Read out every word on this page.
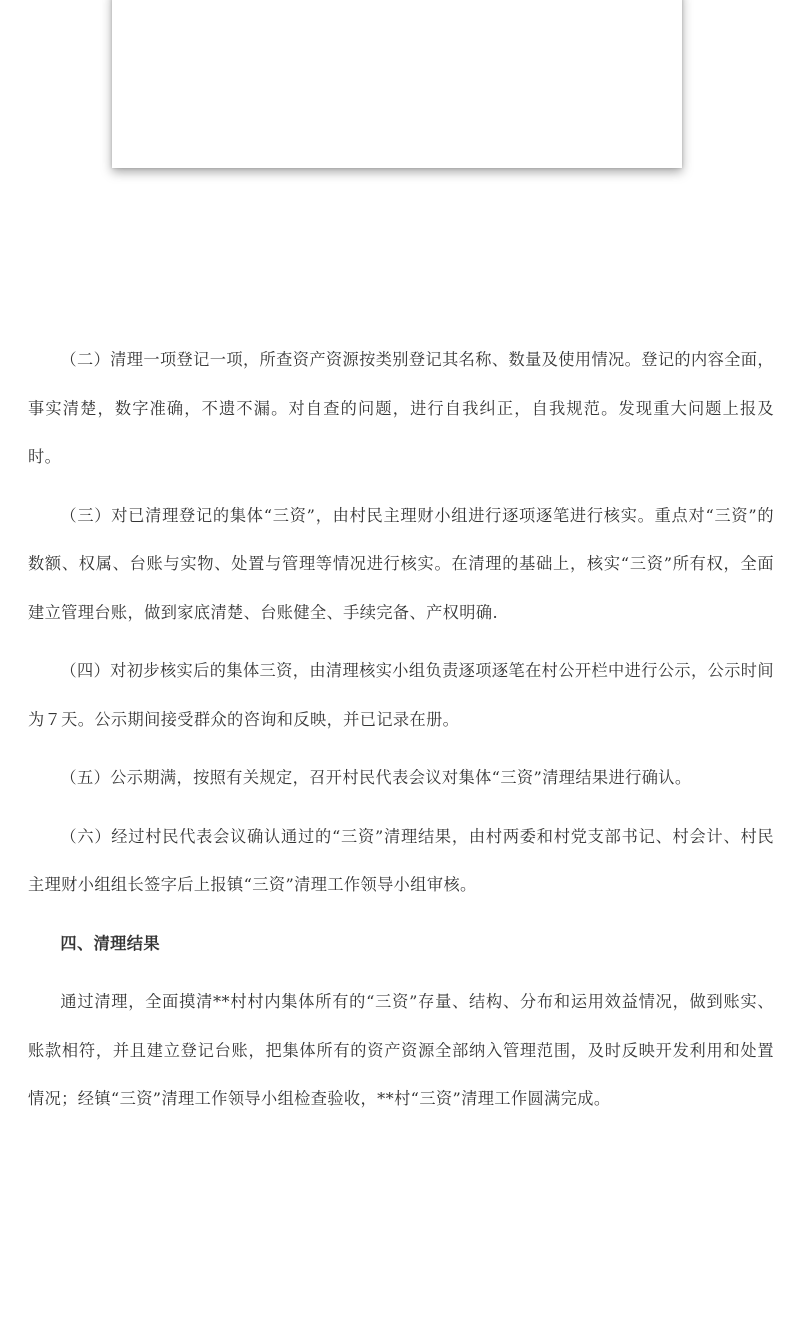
（二）清理一项登记一项，所查资产资源按类别登记其名称、数量及使用情况。登记的内容全面，事实清楚，数字准确，不遗不漏。对自查的问题，进行自我纠正，自我规范。发现重大问题上报及时。

（三）对已清理登记的集体“三资”，由村民主理财小组进行逐项逐笔进行核实。重点对“三资”的数额、权属、台账与实物、处置与管理等情况进行核实。在清理的基础上，核实“三资”所有权，全面建立管理台账，做到家底清楚、台账健全、手续完备、产权明确.

（四）对初步核实后的集体三资，由清理核实小组负责逐项逐笔在村公开栏中进行公示，公示时间为７天。公示期间接受群众的咨询和反映，并已记录在册。

（五）公示期满，按照有关规定，召开村民代表会议对集体“三资”清理结果进行确认。

（六）经过村民代表会议确认通过的“三资”清理结果，由村两委和村党支部书记、村会计、村民主理财小组组长签字后上报镇“三资”清理工作领导小组审核。

四、清理结果

通过清理，全面摸清**村村内集体所有的“三资”存量、结构、分布和运用效益情况，做到账实、账款相符，并且建立登记台账，把集体所有的资产资源全部纳入管理范围，及时反映开发利用和处置情况；经镇“三资”清理工作领导小组检查验收，**村“三资”清理工作圆满完成。
